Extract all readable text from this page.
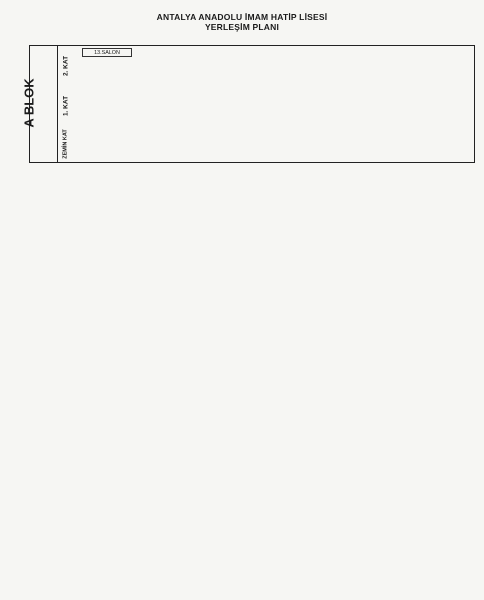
ANTALYA ANADOLU İMAM HATİP LİSESİ
YERLEŞİM PLANI
A BLOK
2. KAT
1. KAT
ZEMİN KAT
13.SALON
